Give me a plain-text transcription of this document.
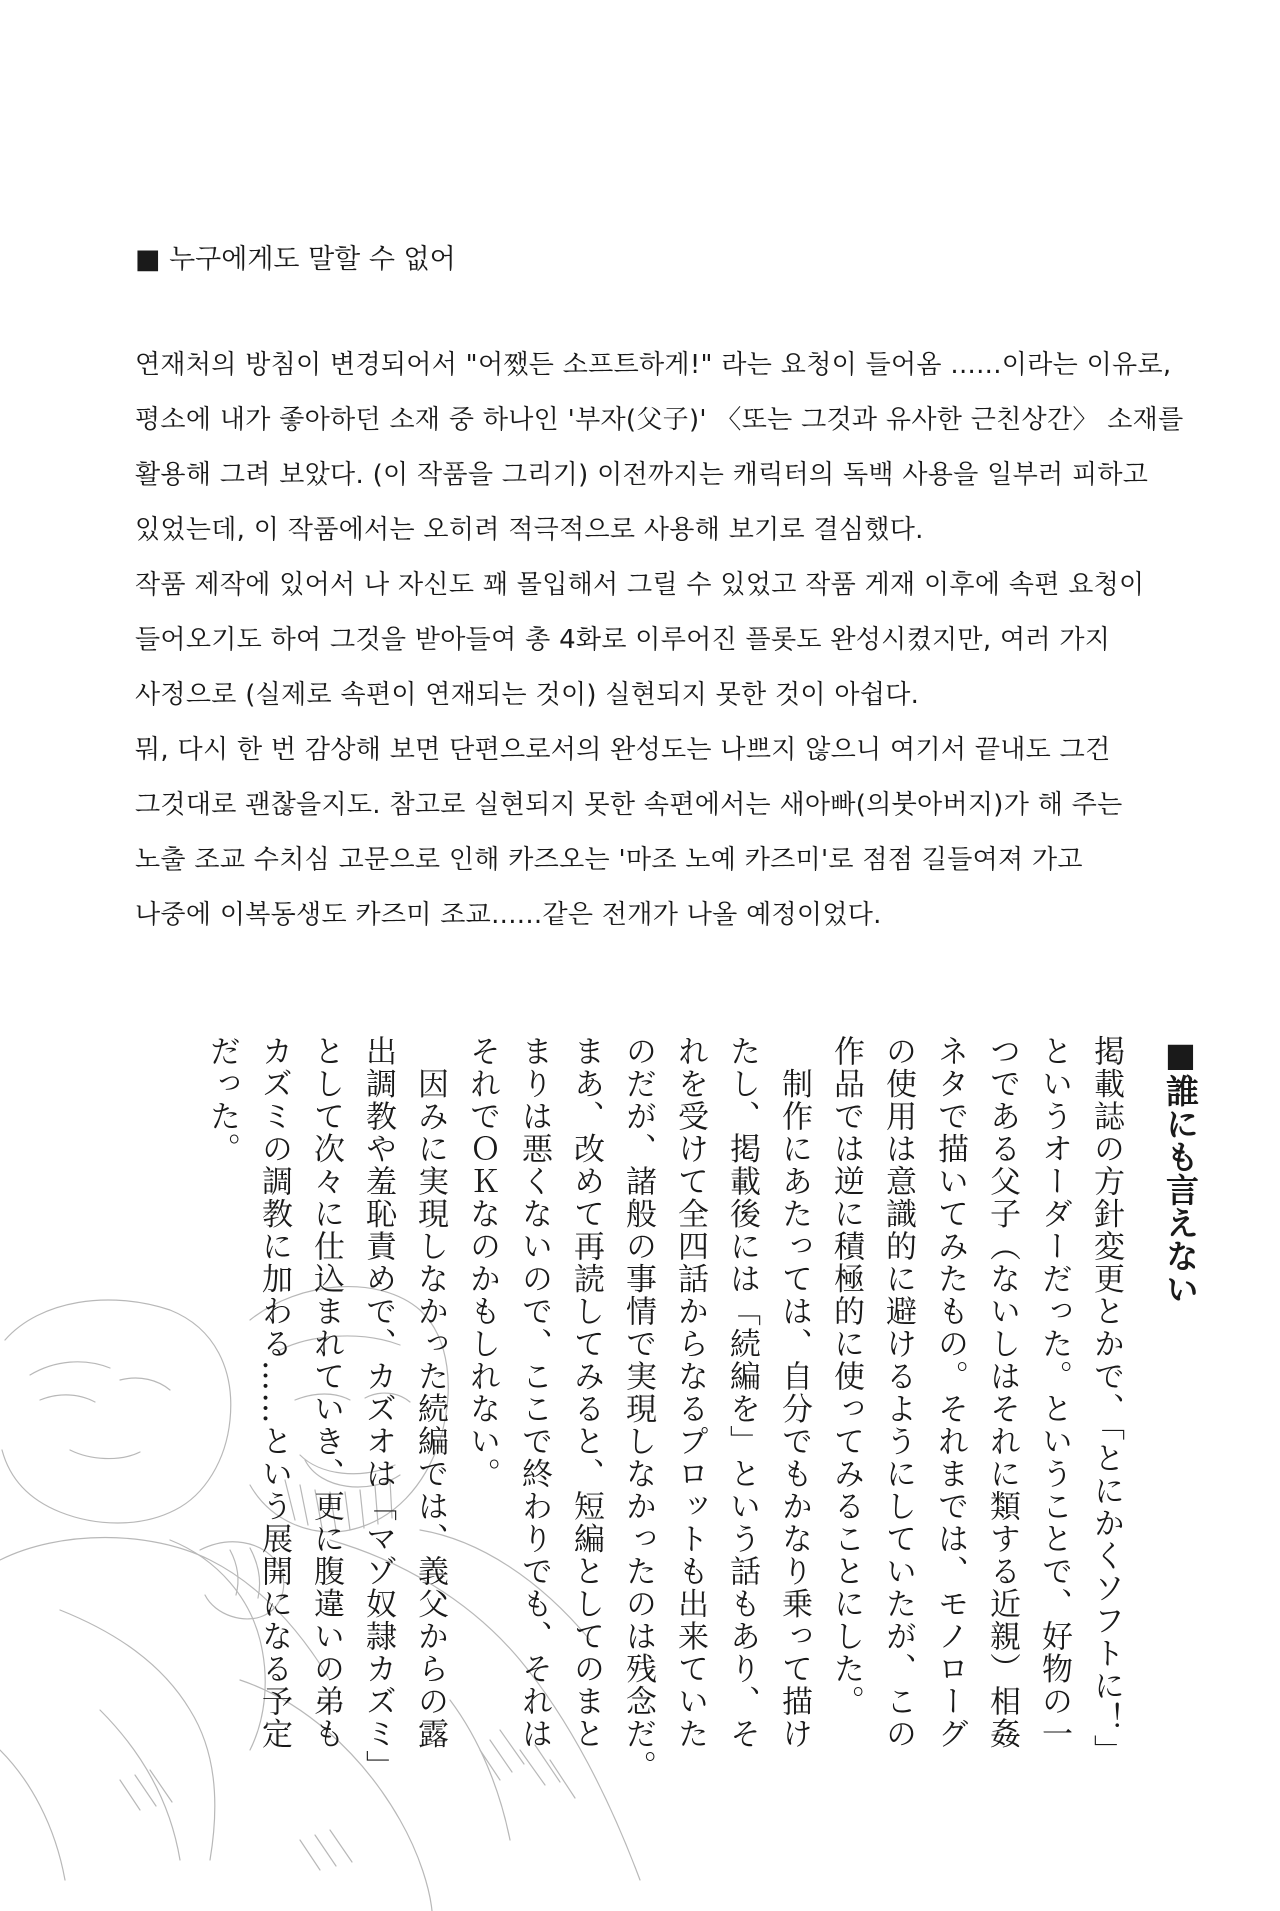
■ 누구에게도 말할 수 없어

연재처의 방침이 변경되어서 "어쨌든 소프트하게!" 라는 요청이 들어옴 ......이라는 이유로,

평소에 내가 좋아하던 소재 중 하나인 '부자(父子)' 〈또는 그것과 유사한 근친상간〉 소재를

활용해 그려 보았다. (이 작품을 그리기) 이전까지는 캐릭터의 독백 사용을 일부러 피하고

있었는데, 이 작품에서는 오히려 적극적으로 사용해 보기로 결심했다.

작품 제작에 있어서 나 자신도 꽤 몰입해서 그릴 수 있었고 작품 게재 이후에 속편 요청이

들어오기도 하여 그것을 받아들여 총 4화로 이루어진 플롯도 완성시켰지만, 여러 가지

사정으로 (실제로 속편이 연재되는 것이) 실현되지 못한 것이 아쉽다.

뭐, 다시 한 번 감상해 보면 단편으로서의 완성도는 나쁘지 않으니 여기서 끝내도 그건

그것대로 괜찮을지도. 참고로 실현되지 못한 속편에서는 새아빠(의붓아버지)가 해 주는

노출 조교 수치심 고문으로 인해 카즈오는 '마조 노예 카즈미'로 점점 길들여져 가고

나중에 이복동생도 카즈미 조교......같은 전개가 나올 예정이었다.

■誰にも言えない

掲載誌の方針変更とかで、「とにかくソフトに！」

というオーダーだった。ということで、好物の一

つである父子（ないしはそれに類する近親）相姦

ネタで描いてみたもの。それまでは、モノローグ

の使用は意識的に避けるようにしていたが、この

作品では逆に積極的に使ってみることにした。

　制作にあたっては、自分でもかなり乗って描け

たし、掲載後には「続編を」という話もあり、そ

れを受けて全四話からなるプロットも出来ていた

のだが、諸般の事情で実現しなかったのは残念だ。

まあ、改めて再読してみると、短編としてのまと

まりは悪くないので、ここで終わりでも、それは

それでＯＫなのかもしれない。

　因みに実現しなかった続編では、義父からの露

出調教や羞恥責めで、カズオは「マゾ奴隷カズミ」

として次々に仕込まれていき、更に腹違いの弟も

カズミの調教に加わる……という展開になる予定

だった。
